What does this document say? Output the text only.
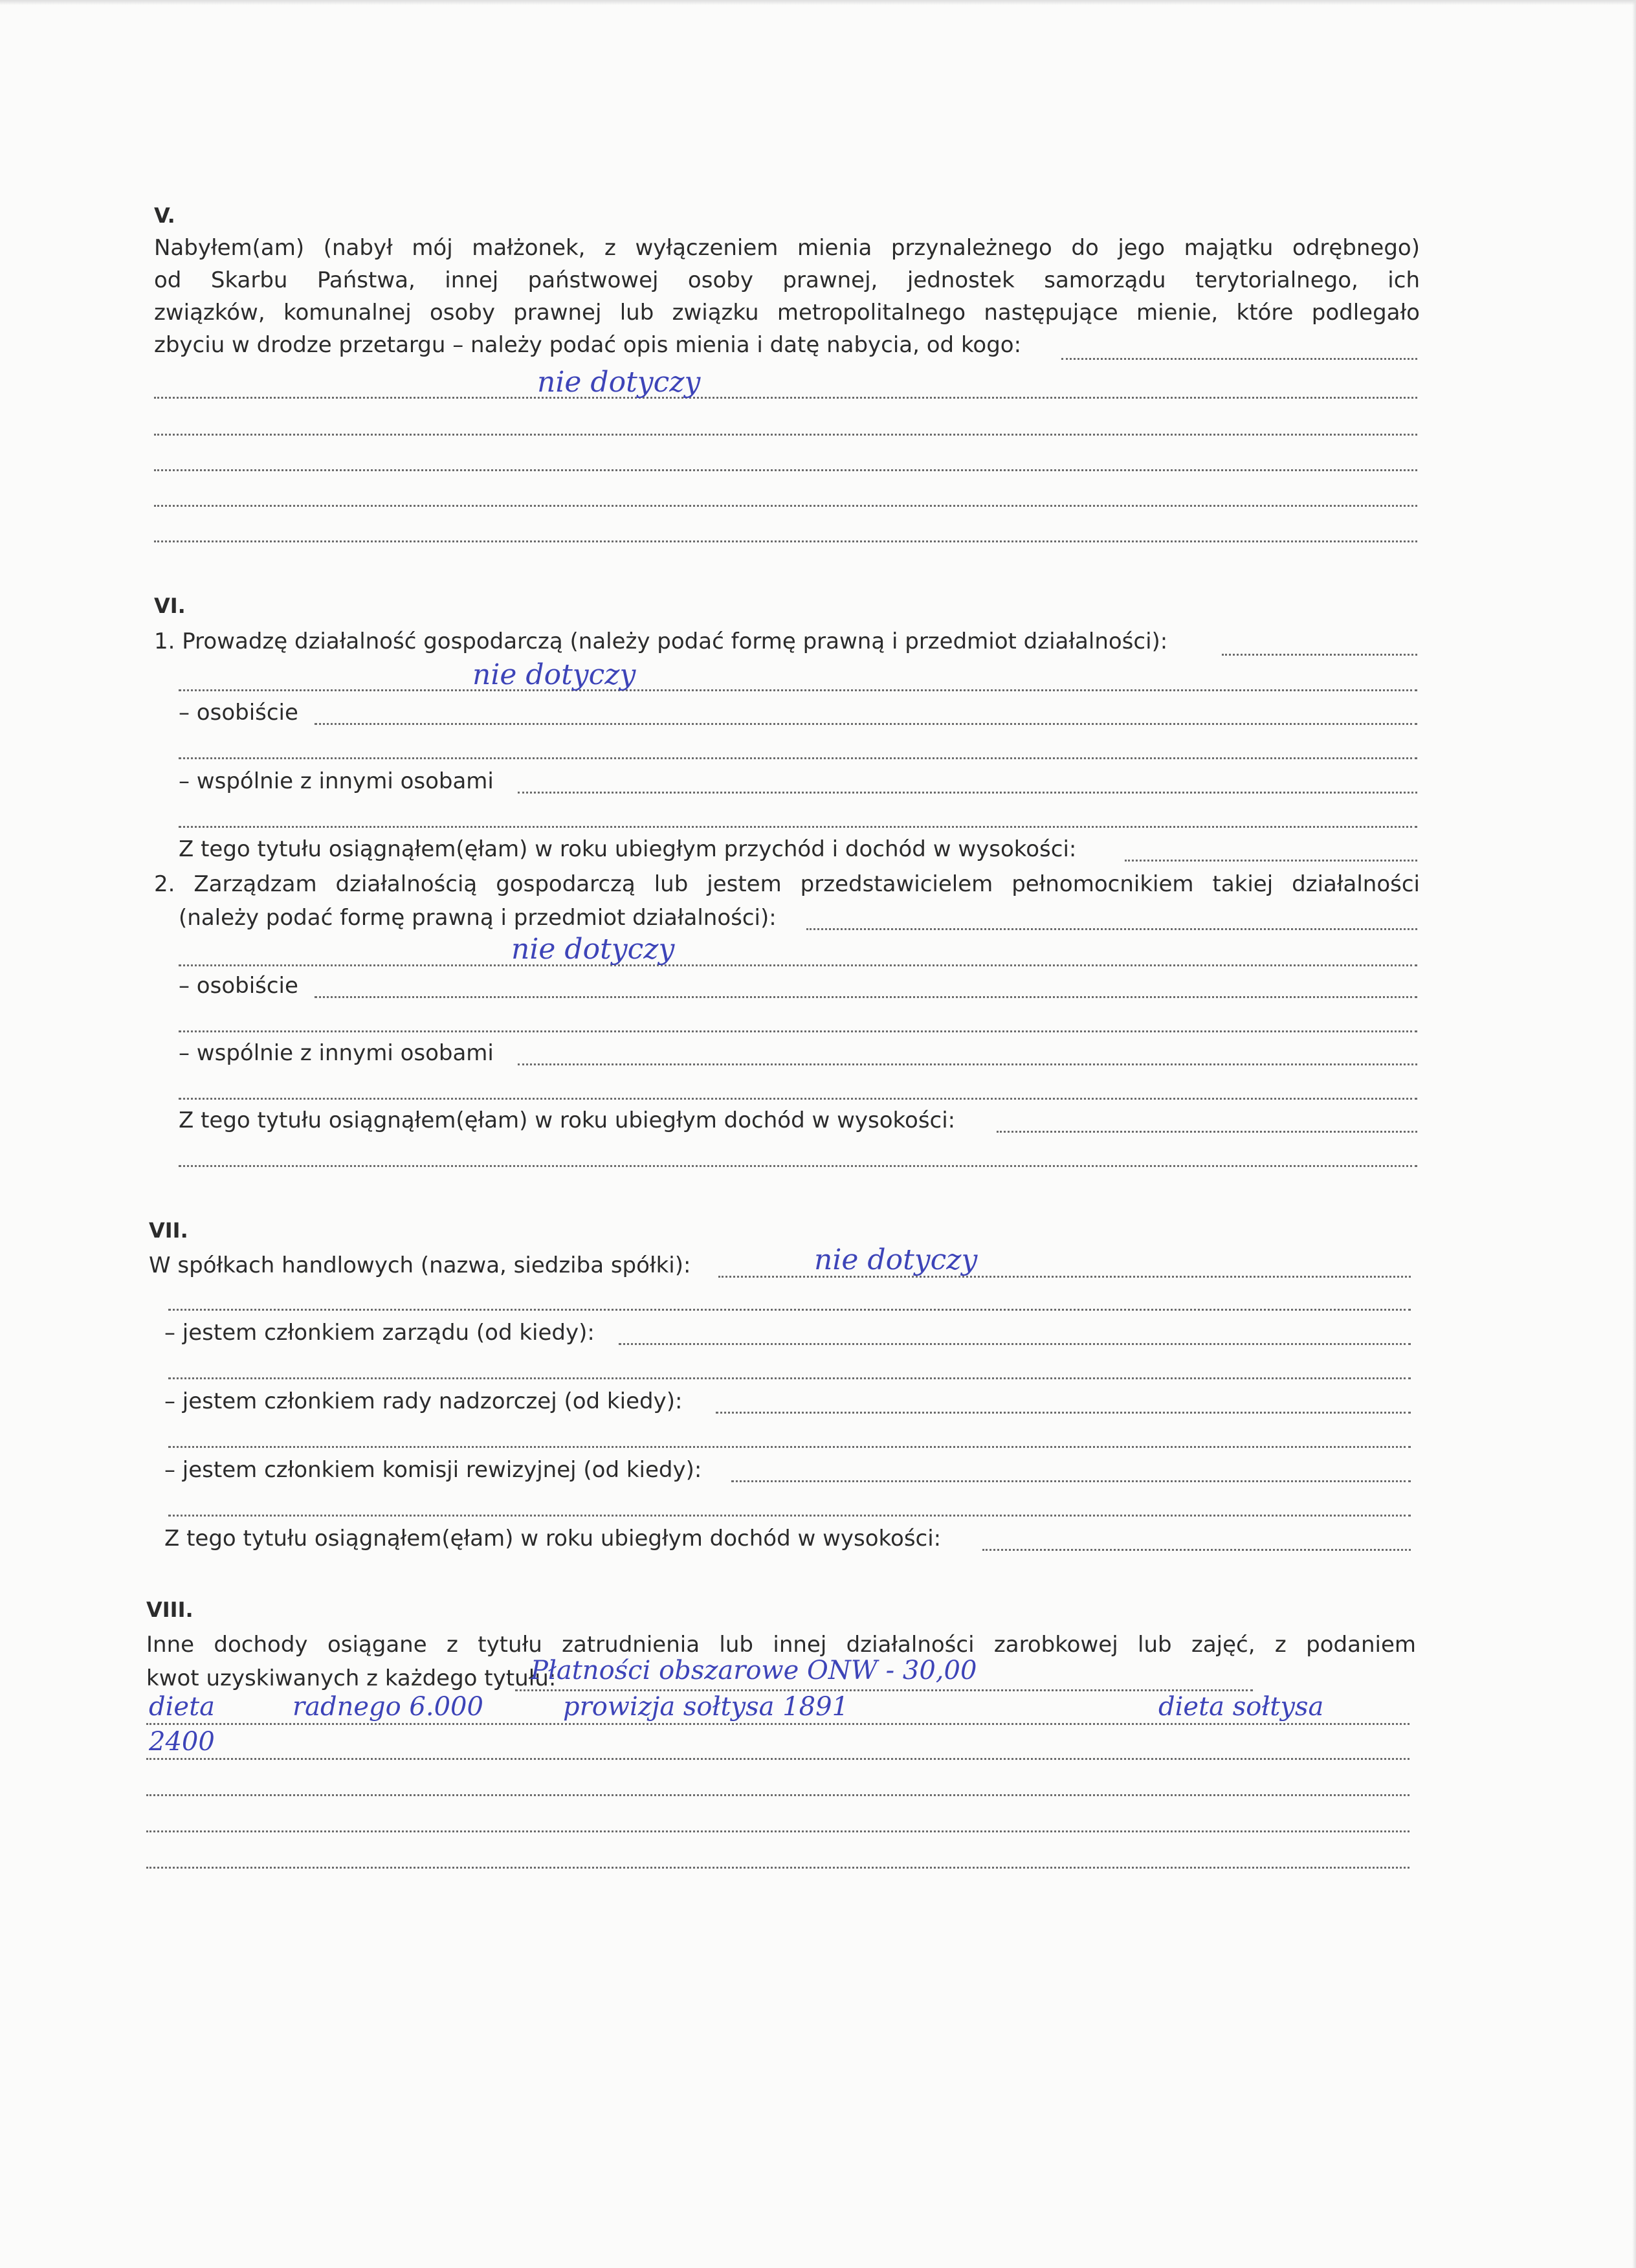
V.
Nabyłem(am) (nabył mój małżonek, z wyłączeniem mienia przynależnego do jego majątku odrębnego)
od Skarbu Państwa, innej państwowej osoby prawnej, jednostek samorządu terytorialnego, ich
związków, komunalnej osoby prawnej lub związku metropolitalnego następujące mienie, które podlegało
zbyciu w drodze przetargu – należy podać opis mienia i datę nabycia, od kogo:
nie dotyczy
VI.
1. Prowadzę działalność gospodarczą (należy podać formę prawną i przedmiot działalności):
nie dotyczy
– osobiście
– wspólnie z innymi osobami
Z tego tytułu osiągnąłem(ęłam) w roku ubiegłym przychód i dochód w wysokości:
2. Zarządzam działalnością gospodarczą lub jestem przedstawicielem pełnomocnikiem takiej działalności
(należy podać formę prawną i przedmiot działalności):
nie dotyczy
– osobiście
– wspólnie z innymi osobami
Z tego tytułu osiągnąłem(ęłam) w roku ubiegłym dochód w wysokości:
VII.
W spółkach handlowych (nazwa, siedziba spółki):	nie dotyczy
– jestem członkiem zarządu (od kiedy):
– jestem członkiem rady nadzorczej (od kiedy):
– jestem członkiem komisji rewizyjnej (od kiedy):
Z tego tytułu osiągnąłem(ęłam) w roku ubiegłym dochód w wysokości:
VIII.
Inne dochody osiągane z tytułu zatrudnienia lub innej działalności zarobkowej lub zajęć, z podaniem
kwot uzyskiwanych z każdego tytułu:
Płatności obszarowe ONW - 30,00
dieta	radnego 6.000	prowizja sołtysa 1891	dieta sołtysa
2400
